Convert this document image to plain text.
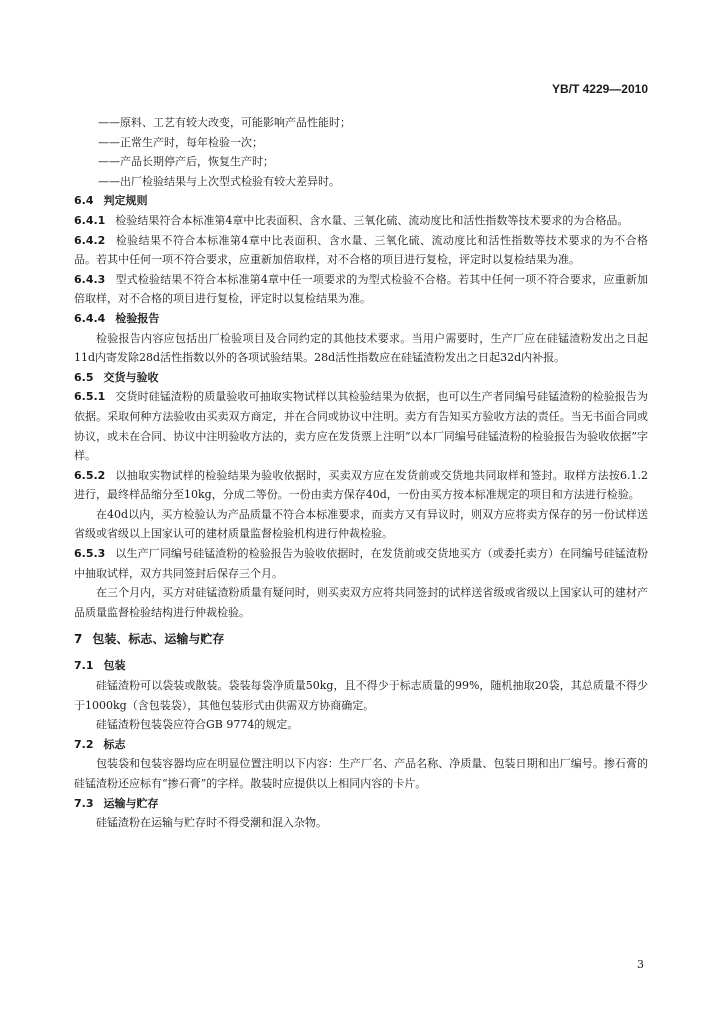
YB/T 4229—2010

——原料、工艺有较大改变，可能影响产品性能时；

——正常生产时，每年检验一次；

——产品长期停产后，恢复生产时；

——出厂检验结果与上次型式检验有较大差异时。

6.4 判定规则

6.4.1 检验结果符合本标准第4章中比表面积、含水量、三氧化硫、流动度比和活性指数等技术要求的为合格品。

6.4.2 检验结果不符合本标准第4章中比表面积、含水量、三氧化硫、流动度比和活性指数等技术要求的为不合格品。若其中任何一项不符合要求，应重新加倍取样，对不合格的项目进行复检，评定时以复检结果为准。

6.4.3 型式检验结果不符合本标准第4章中任一项要求的为型式检验不合格。若其中任何一项不符合要求，应重新加倍取样，对不合格的项目进行复检，评定时以复检结果为准。

6.4.4 检验报告

检验报告内容应包括出厂检验项目及合同约定的其他技术要求。当用户需要时，生产厂应在硅锰渣粉发出之日起11d内寄发除28d活性指数以外的各项试验结果。28d活性指数应在硅锰渣粉发出之日起32d内补报。

6.5 交货与验收

6.5.1 交货时硅锰渣粉的质量验收可抽取实物试样以其检验结果为依据，也可以生产者同编号硅锰渣粉的检验报告为依据。采取何种方法验收由买卖双方商定，并在合同或协议中注明。卖方有告知买方验收方法的责任。当无书面合同或协议，或未在合同、协议中注明验收方法的，卖方应在发货票上注明“以本厂同编号硅锰渣粉的检验报告为验收依据”字样。

6.5.2 以抽取实物试样的检验结果为验收依据时，买卖双方应在发货前或交货地共同取样和签封。取样方法按6.1.2进行，最终样品缩分至10kg，分成二等份。一份由卖方保存40d，一份由买方按本标准规定的项目和方法进行检验。

在40d以内，买方检验认为产品质量不符合本标准要求，而卖方又有异议时，则双方应将卖方保存的另一份试样送省级或省级以上国家认可的建材质量监督检验机构进行仲裁检验。

6.5.3 以生产厂同编号硅锰渣粉的检验报告为验收依据时，在发货前或交货地买方（或委托卖方）在同编号硅锰渣粉中抽取试样，双方共同签封后保存三个月。

在三个月内，买方对硅锰渣粉质量有疑问时，则买卖双方应将共同签封的试样送省级或省级以上国家认可的建材产品质量监督检验结构进行仲裁检验。

7 包装、标志、运输与贮存
7.1 包装

硅锰渣粉可以袋装或散装。袋装每袋净质量50kg，且不得少于标志质量的99%，随机抽取20袋，其总质量不得少于1000kg（含包装袋），其他包装形式由供需双方协商确定。

硅锰渣粉包装袋应符合GB 9774的规定。

7.2 标志

包装袋和包装容器均应在明显位置注明以下内容：生产厂名、产品名称、净质量、包装日期和出厂编号。掺石膏的硅锰渣粉还应标有“掺石膏”的字样。散装时应提供以上相同内容的卡片。

7.3 运输与贮存

硅锰渣粉在运输与贮存时不得受潮和混入杂物。

3
